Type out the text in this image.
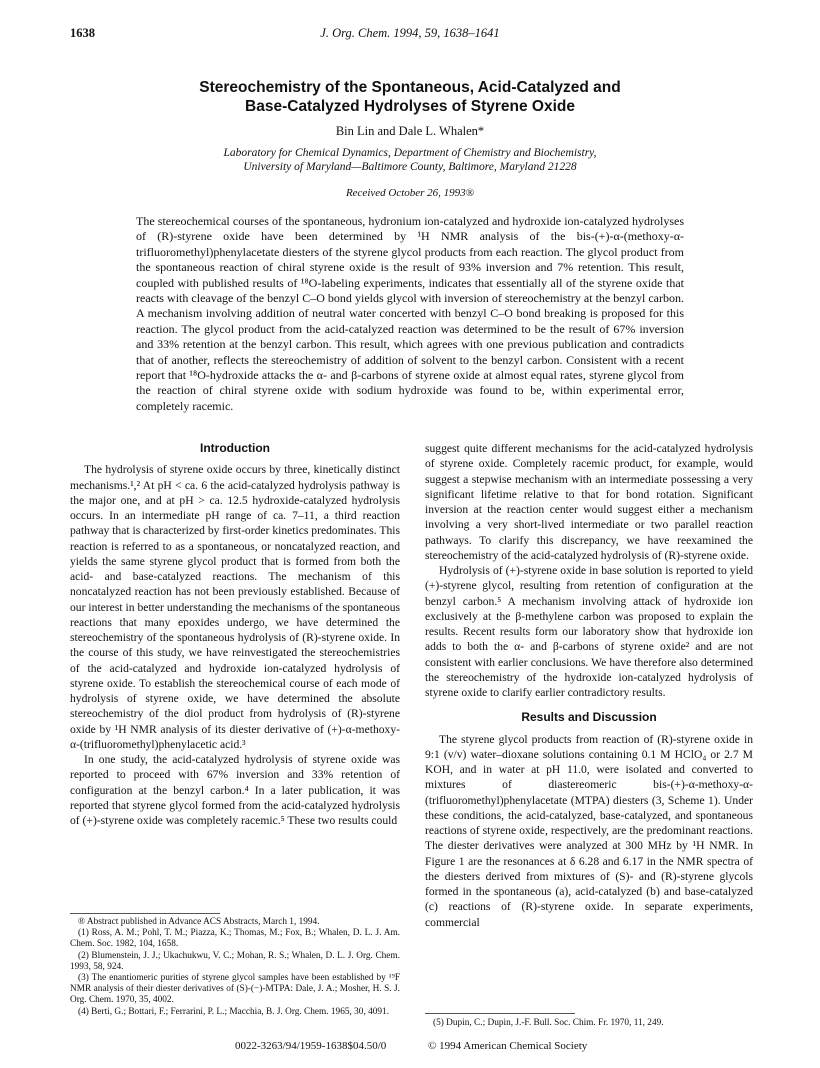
1638	J. Org. Chem. 1994, 59, 1638–1641
Stereochemistry of the Spontaneous, Acid-Catalyzed and
Base-Catalyzed Hydrolyses of Styrene Oxide
Bin Lin and Dale L. Whalen*
Laboratory for Chemical Dynamics, Department of Chemistry and Biochemistry,
University of Maryland—Baltimore County, Baltimore, Maryland 21228
Received October 26, 1993®
The stereochemical courses of the spontaneous, hydronium ion-catalyzed and hydroxide ion-catalyzed hydrolyses of (R)-styrene oxide have been determined by ¹H NMR analysis of the bis-(+)-α-(methoxy-α-trifluoromethyl)phenylacetate diesters of the styrene glycol products from each reaction. The glycol product from the spontaneous reaction of chiral styrene oxide is the result of 93% inversion and 7% retention. This result, coupled with published results of ¹⁸O-labeling experiments, indicates that essentially all of the styrene oxide that reacts with cleavage of the benzyl C–O bond yields glycol with inversion of stereochemistry at the benzyl carbon. A mechanism involving addition of neutral water concerted with benzyl C–O bond breaking is proposed for this reaction. The glycol product from the acid-catalyzed reaction was determined to be the result of 67% inversion and 33% retention at the benzyl carbon. This result, which agrees with one previous publication and contradicts that of another, reflects the stereochemistry of addition of solvent to the benzyl carbon. Consistent with a recent report that ¹⁸O-hydroxide attacks the α- and β-carbons of styrene oxide at almost equal rates, styrene glycol from the reaction of chiral styrene oxide with sodium hydroxide was found to be, within experimental error, completely racemic.
Introduction

The hydrolysis of styrene oxide occurs by three, kinetically distinct mechanisms.¹,² At pH < ca. 6 the acid-catalyzed hydrolysis pathway is the major one, and at pH > ca. 12.5 hydroxide-catalyzed hydrolysis occurs. In an intermediate pH range of ca. 7–11, a third reaction pathway that is characterized by first-order kinetics predominates. This reaction is referred to as a spontaneous, or noncatalyzed reaction, and yields the same styrene glycol product that is formed from both the acid- and base-catalyzed reactions. The mechanism of this noncatalyzed reaction has not been previously established. Because of our interest in better understanding the mechanisms of the spontaneous reactions that many epoxides undergo, we have determined the stereochemistry of the spontaneous hydrolysis of (R)-styrene oxide. In the course of this study, we have reinvestigated the stereochemistries of the acid-catalyzed and hydroxide ion-catalyzed hydrolysis of styrene oxide. To establish the stereochemical course of each mode of hydrolysis of styrene oxide, we have determined the absolute stereochemistry of the diol product from hydrolysis of (R)-styrene oxide by ¹H NMR analysis of its diester derivative of (+)-α-methoxy-α-(trifluoromethyl)phenylacetic acid.³

In one study, the acid-catalyzed hydrolysis of styrene oxide was reported to proceed with 67% inversion and 33% retention of configuration at the benzyl carbon.⁴ In a later publication, it was reported that styrene glycol formed from the acid-catalyzed hydrolysis of (+)-styrene oxide was completely racemic.⁵ These two results could

® Abstract published in Advance ACS Abstracts, March 1, 1994.

(1) Ross, A. M.; Pohl, T. M.; Piazza, K.; Thomas, M.; Fox, B.; Whalen, D. L. J. Am. Chem. Soc. 1982, 104, 1658.

(2) Blumenstein, J. J.; Ukachukwu, V. C.; Mohan, R. S.; Whalen, D. L. J. Org. Chem. 1993, 58, 924.

(3) The enantiomeric purities of styrene glycol samples have been established by ¹⁹F NMR analysis of their diester derivatives of (S)-(−)-MTPA: Dale, J. A.; Mosher, H. S. J. Org. Chem. 1970, 35, 4002.

(4) Berti, G.; Bottari, F.; Ferrarini, P. L.; Macchia, B. J. Org. Chem. 1965, 30, 4091.

suggest quite different mechanisms for the acid-catalyzed hydrolysis of styrene oxide. Completely racemic product, for example, would suggest a stepwise mechanism with an intermediate possessing a very significant lifetime relative to that for bond rotation. Significant inversion at the reaction center would suggest either a mechanism involving a very short-lived intermediate or two parallel reaction pathways. To clarify this discrepancy, we have reexamined the stereochemistry of the acid-catalyzed hydrolysis of (R)-styrene oxide.

Hydrolysis of (+)-styrene oxide in base solution is reported to yield (+)-styrene glycol, resulting from retention of configuration at the benzyl carbon.⁵ A mechanism involving attack of hydroxide ion exclusively at the β-methylene carbon was proposed to explain the results. Recent results form our laboratory show that hydroxide ion adds to both the α- and β-carbons of styrene oxide² and are not consistent with earlier conclusions. We have therefore also determined the stereochemistry of the hydroxide ion-catalyzed hydrolysis of styrene oxide to clarify earlier contradictory results.

Results and Discussion

The styrene glycol products from reaction of (R)-styrene oxide in 9:1 (v/v) water–dioxane solutions containing 0.1 M HClO₄ or 2.7 M KOH, and in water at pH 11.0, were isolated and converted to mixtures of diastereomeric bis-(+)-α-methoxy-α-(trifluoromethyl)phenylacetate (MTPA) diesters (3, Scheme 1). Under these conditions, the acid-catalyzed, base-catalyzed, and spontaneous reactions of styrene oxide, respectively, are the predominant reactions. The diester derivatives were analyzed at 300 MHz by ¹H NMR. In Figure 1 are the resonances at δ 6.28 and 6.17 in the NMR spectra of the diesters derived from mixtures of (S)- and (R)-styrene glycols formed in the spontaneous (a), acid-catalyzed (b) and base-catalyzed (c) reactions of (R)-styrene oxide. In separate experiments, commercial

(5) Dupin, C.; Dupin, J.-F. Bull. Soc. Chim. Fr. 1970, 11, 249.

0022-3263/94/1959-1638$04.50/0	© 1994 American Chemical Society
